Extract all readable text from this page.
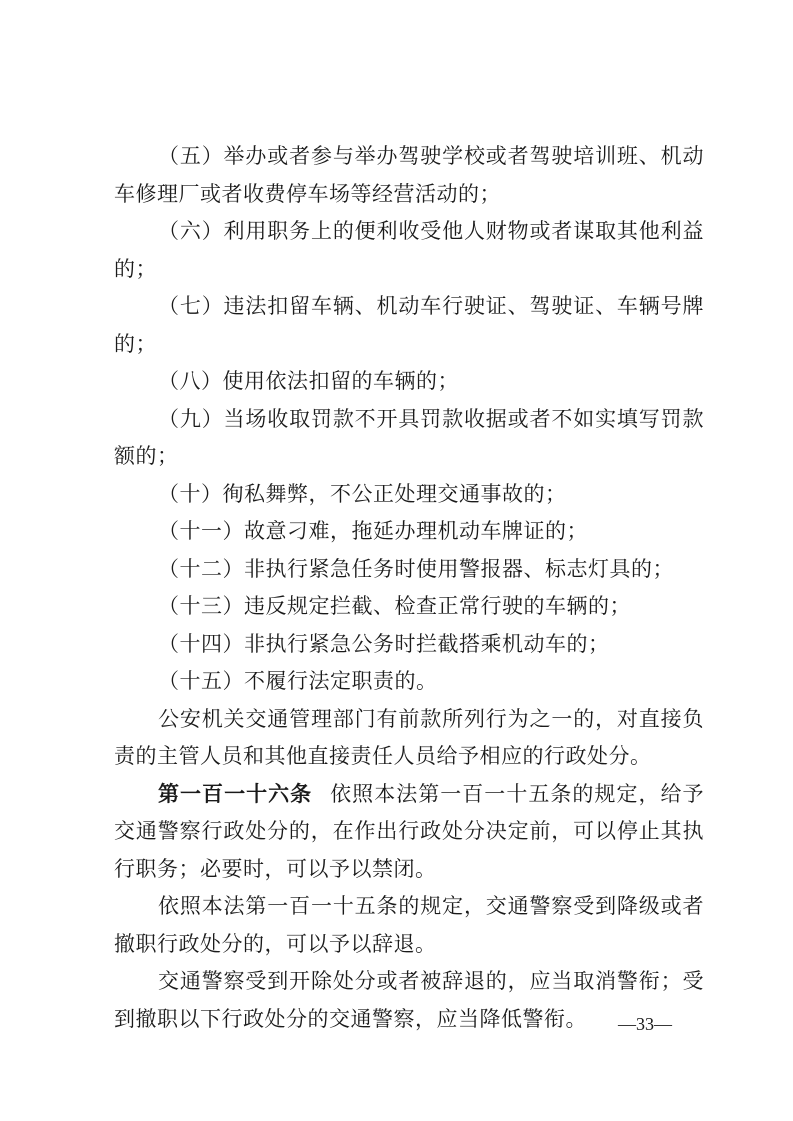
（五）举办或者参与举办驾驶学校或者驾驶培训班、机动车修理厂或者收费停车场等经营活动的；

（六）利用职务上的便利收受他人财物或者谋取其他利益的；

（七）违法扣留车辆、机动车行驶证、驾驶证、车辆号牌的；

（八）使用依法扣留的车辆的；

（九）当场收取罚款不开具罚款收据或者不如实填写罚款额的；

（十）徇私舞弊，不公正处理交通事故的；

（十一）故意刁难，拖延办理机动车牌证的；

（十二）非执行紧急任务时使用警报器、标志灯具的；

（十三）违反规定拦截、检查正常行驶的车辆的；

（十四）非执行紧急公务时拦截搭乘机动车的；

（十五）不履行法定职责的。

公安机关交通管理部门有前款所列行为之一的，对直接负责的主管人员和其他直接责任人员给予相应的行政处分。

第一百一十六条 依照本法第一百一十五条的规定，给予交通警察行政处分的，在作出行政处分决定前，可以停止其执行职务；必要时，可以予以禁闭。

依照本法第一百一十五条的规定，交通警察受到降级或者撤职行政处分的，可以予以辞退。

交通警察受到开除处分或者被辞退的，应当取消警衔；受到撤职以下行政处分的交通警察，应当降低警衔。	—33—
